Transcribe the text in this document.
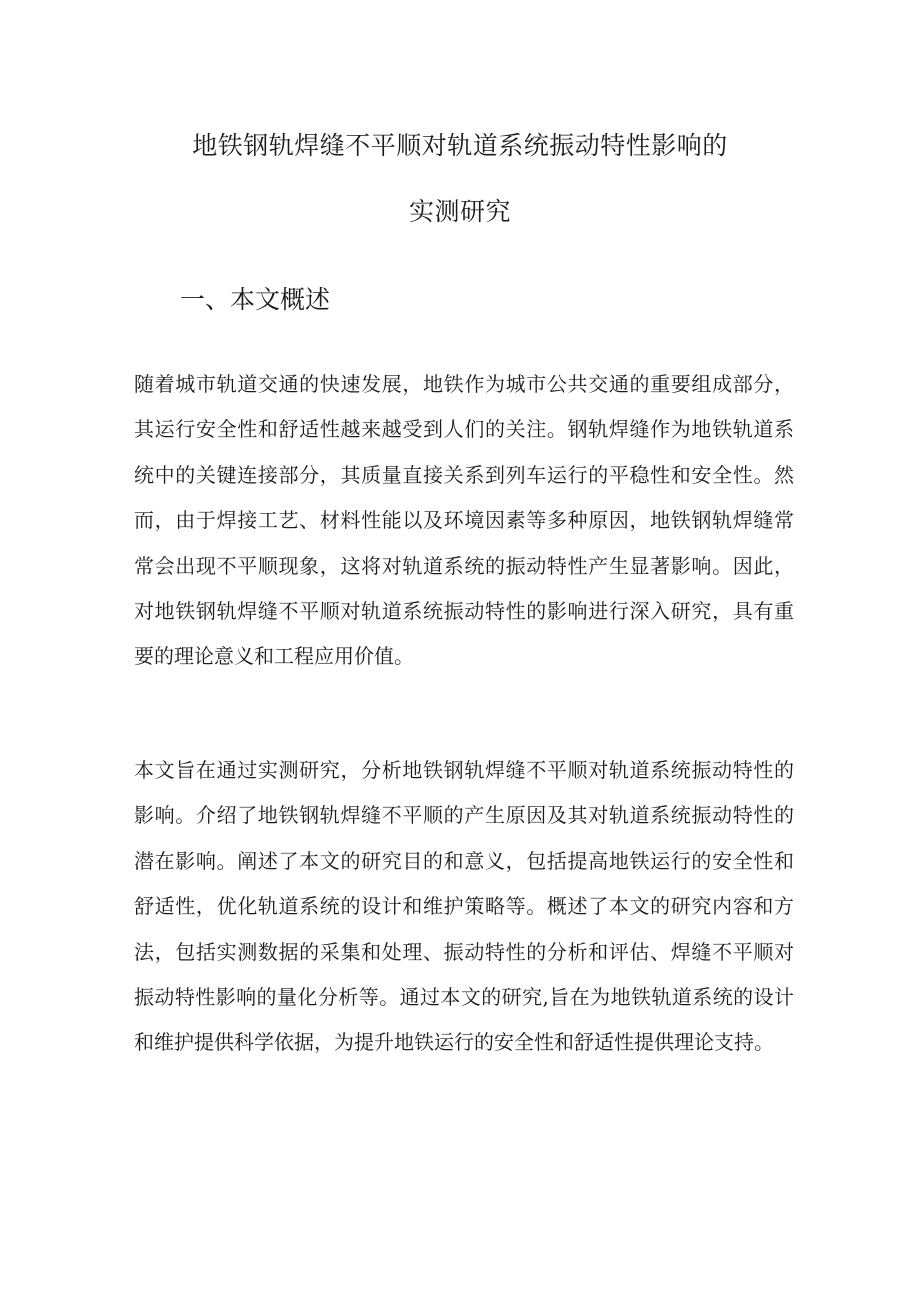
地铁钢轨焊缝不平顺对轨道系统振动特性影响的
实测研究
一、本文概述
随着城市轨道交通的快速发展，地铁作为城市公共交通的重要组成部分，
其运行安全性和舒适性越来越受到人们的关注。钢轨焊缝作为地铁轨道系
统中的关键连接部分，其质量直接关系到列车运行的平稳性和安全性。然
而，由于焊接工艺、材料性能以及环境因素等多种原因，地铁钢轨焊缝常
常会出现不平顺现象，这将对轨道系统的振动特性产生显著影响。因此，
对地铁钢轨焊缝不平顺对轨道系统振动特性的影响进行深入研究，具有重
要的理论意义和工程应用价值。
本文旨在通过实测研究，分析地铁钢轨焊缝不平顺对轨道系统振动特性的
影响。介绍了地铁钢轨焊缝不平顺的产生原因及其对轨道系统振动特性的
潜在影响。阐述了本文的研究目的和意义，包括提高地铁运行的安全性和
舒适性，优化轨道系统的设计和维护策略等。概述了本文的研究内容和方
法，包括实测数据的采集和处理、振动特性的分析和评估、焊缝不平顺对
振动特性影响的量化分析等。通过本文的研究,旨在为地铁轨道系统的设计
和维护提供科学依据，为提升地铁运行的安全性和舒适性提供理论支持。
